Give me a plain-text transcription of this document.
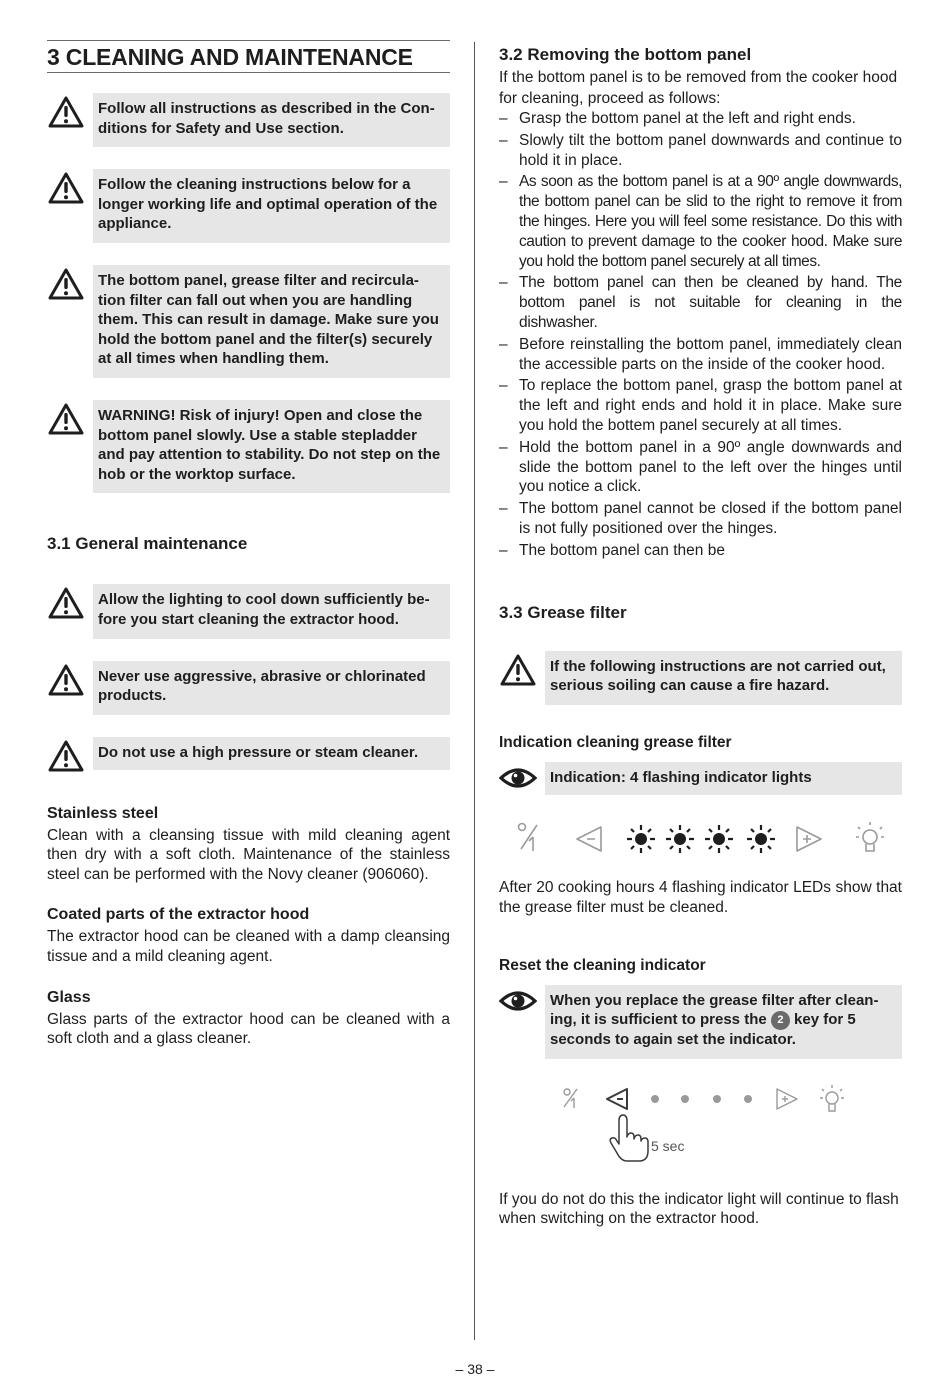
3 CLEANING AND MAINTENANCE
Follow all instructions as described in the Con-ditions for Safety and Use section.
Follow the cleaning instructions below for a longer working life and optimal operation of the appliance.
The bottom panel, grease filter and recircula-tion filter can fall out when you are handling them. This can result in damage. Make sure you hold the bottom panel and the filter(s) securely at all times when handling them.
WARNING! Risk of injury! Open and close the bottom panel slowly. Use a stable stepladder and pay attention to stability. Do not step on the hob or the worktop surface.
3.1 General maintenance
Allow the lighting to cool down sufficiently be-fore you start cleaning the extractor hood.
Never use aggressive, abrasive or chlorinated products.
Do not use a high pressure or steam cleaner.
Stainless steel

Clean with a cleansing tissue with mild cleaning agent then dry with a soft cloth. Maintenance of the stainless steel can be performed with the Novy cleaner (906060).

Coated parts of the extractor hood

The extractor hood can be cleaned with a damp cleansing tissue and a mild cleaning agent.

Glass

Glass parts of the extractor hood can be cleaned with a soft cloth and a glass cleaner.

3.2 Removing the bottom panel

If the bottom panel is to be removed from the cooker hood for cleaning, proceed as follows:

– Grasp the bottom panel at the left and right ends.
– Slowly tilt the bottom panel downwards and continue to hold it in place.
– As soon as the bottom panel is at a 90º angle downwards, the bottom panel can be slid to the right to remove it from the hinges. Here you will feel some resistance. Do this with caution to prevent damage to the cooker hood. Make sure you hold the bottom panel securely at all times.
– The bottom panel can then be cleaned by hand. The bottom panel is not suitable for cleaning in the dishwasher.
– Before reinstalling the bottom panel, immediately clean the accessible parts on the inside of the cooker hood.
– To replace the bottom panel, grasp the bottom panel at the left and right ends and hold it in place. Make sure you hold the bottem panel securely at all times.
– Hold the bottom panel in a 90º angle downwards and slide the bottom panel to the left over the hinges until you notice a click.
– The bottom panel cannot be closed if the bottom panel is not fully positioned over the hinges.
– The bottom panel can then be
3.3 Grease filter
If the following instructions are not carried out, serious soiling can cause a fire hazard.
Indication cleaning grease filter
Indication: 4 flashing indicator lights

After 20 cooking hours 4 flashing indicator LEDs show that the grease filter must be cleaned.

Reset the cleaning indicator
When you replace the grease filter after clean-ing, it is sufficient to press the 2 key for 5 seconds to again set the indicator.
5 sec

If you do not do this the indicator light will continue to flash when switching on the extractor hood.

– 38 –
